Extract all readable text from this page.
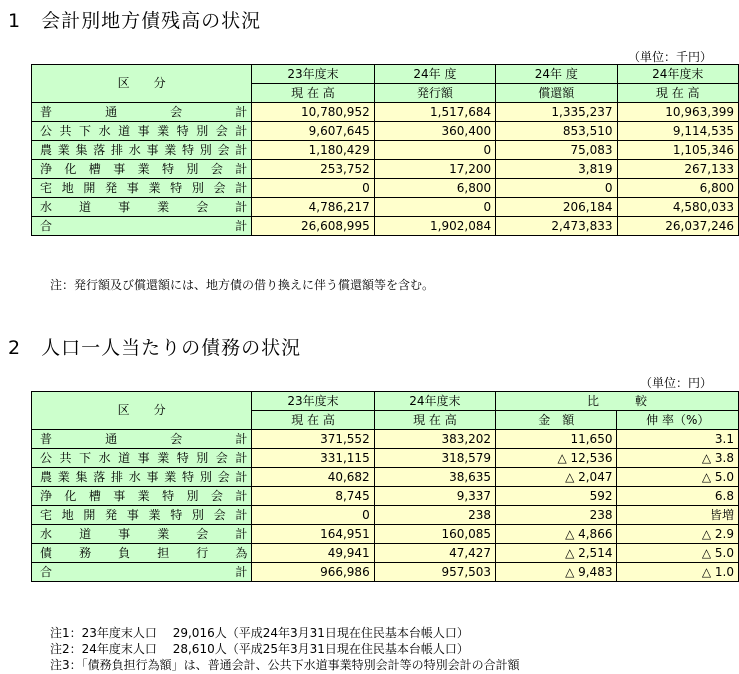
1　会計別地方債残高の状況
（単位：千円）
区　　分	23年度末	24年 度	24年 度	24年度末
	現 在 高	発行額	償還額	現 在 高
普通会計	10,780,952	1,517,684	1,335,237	10,963,399
公共下水道事業特別会計	9,607,645	360,400	853,510	9,114,535
農業集落排水事業特別会計	1,180,429	0	75,083	1,105,346
浄化槽事業特別会計	253,752	17,200	3,819	267,133
宅地開発事業特別会計	0	6,800	0	6,800
水道事業会計	4,786,217	0	206,184	4,580,033
合計	26,608,995	1,902,084	2,473,833	26,037,246
注：発行額及び償還額には、地方債の借り換えに伴う償還額等を含む。
2　人口一人当たりの債務の状況
（単位：円）
区　　分	23年度末	24年度末	比　　　較	
	現 在 高	現 在 高	金　額	伸 率（%）
普通会計	371,552	383,202	11,650	3.1
公共下水道事業特別会計	331,115	318,579	△ 12,536	△ 3.8
農業集落排水事業特別会計	40,682	38,635	△ 2,047	△ 5.0
浄化槽事業特別会計	8,745	9,337	592	6.8
宅地開発事業特別会計	0	238	238	皆増
水道事業会計	164,951	160,085	△ 4,866	△ 2.9
債務負担行為	49,941	47,427	△ 2,514	△ 5.0
合計	966,986	957,503	△ 9,483	△ 1.0
注1：23年度末人口　 29,016人（平成24年3月31日現在住民基本台帳人口）
注2：24年度末人口　 28,610人（平成25年3月31日現在住民基本台帳人口）
注3：「債務負担行為額」は、普通会計、公共下水道事業特別会計等の特別会計の合計額
